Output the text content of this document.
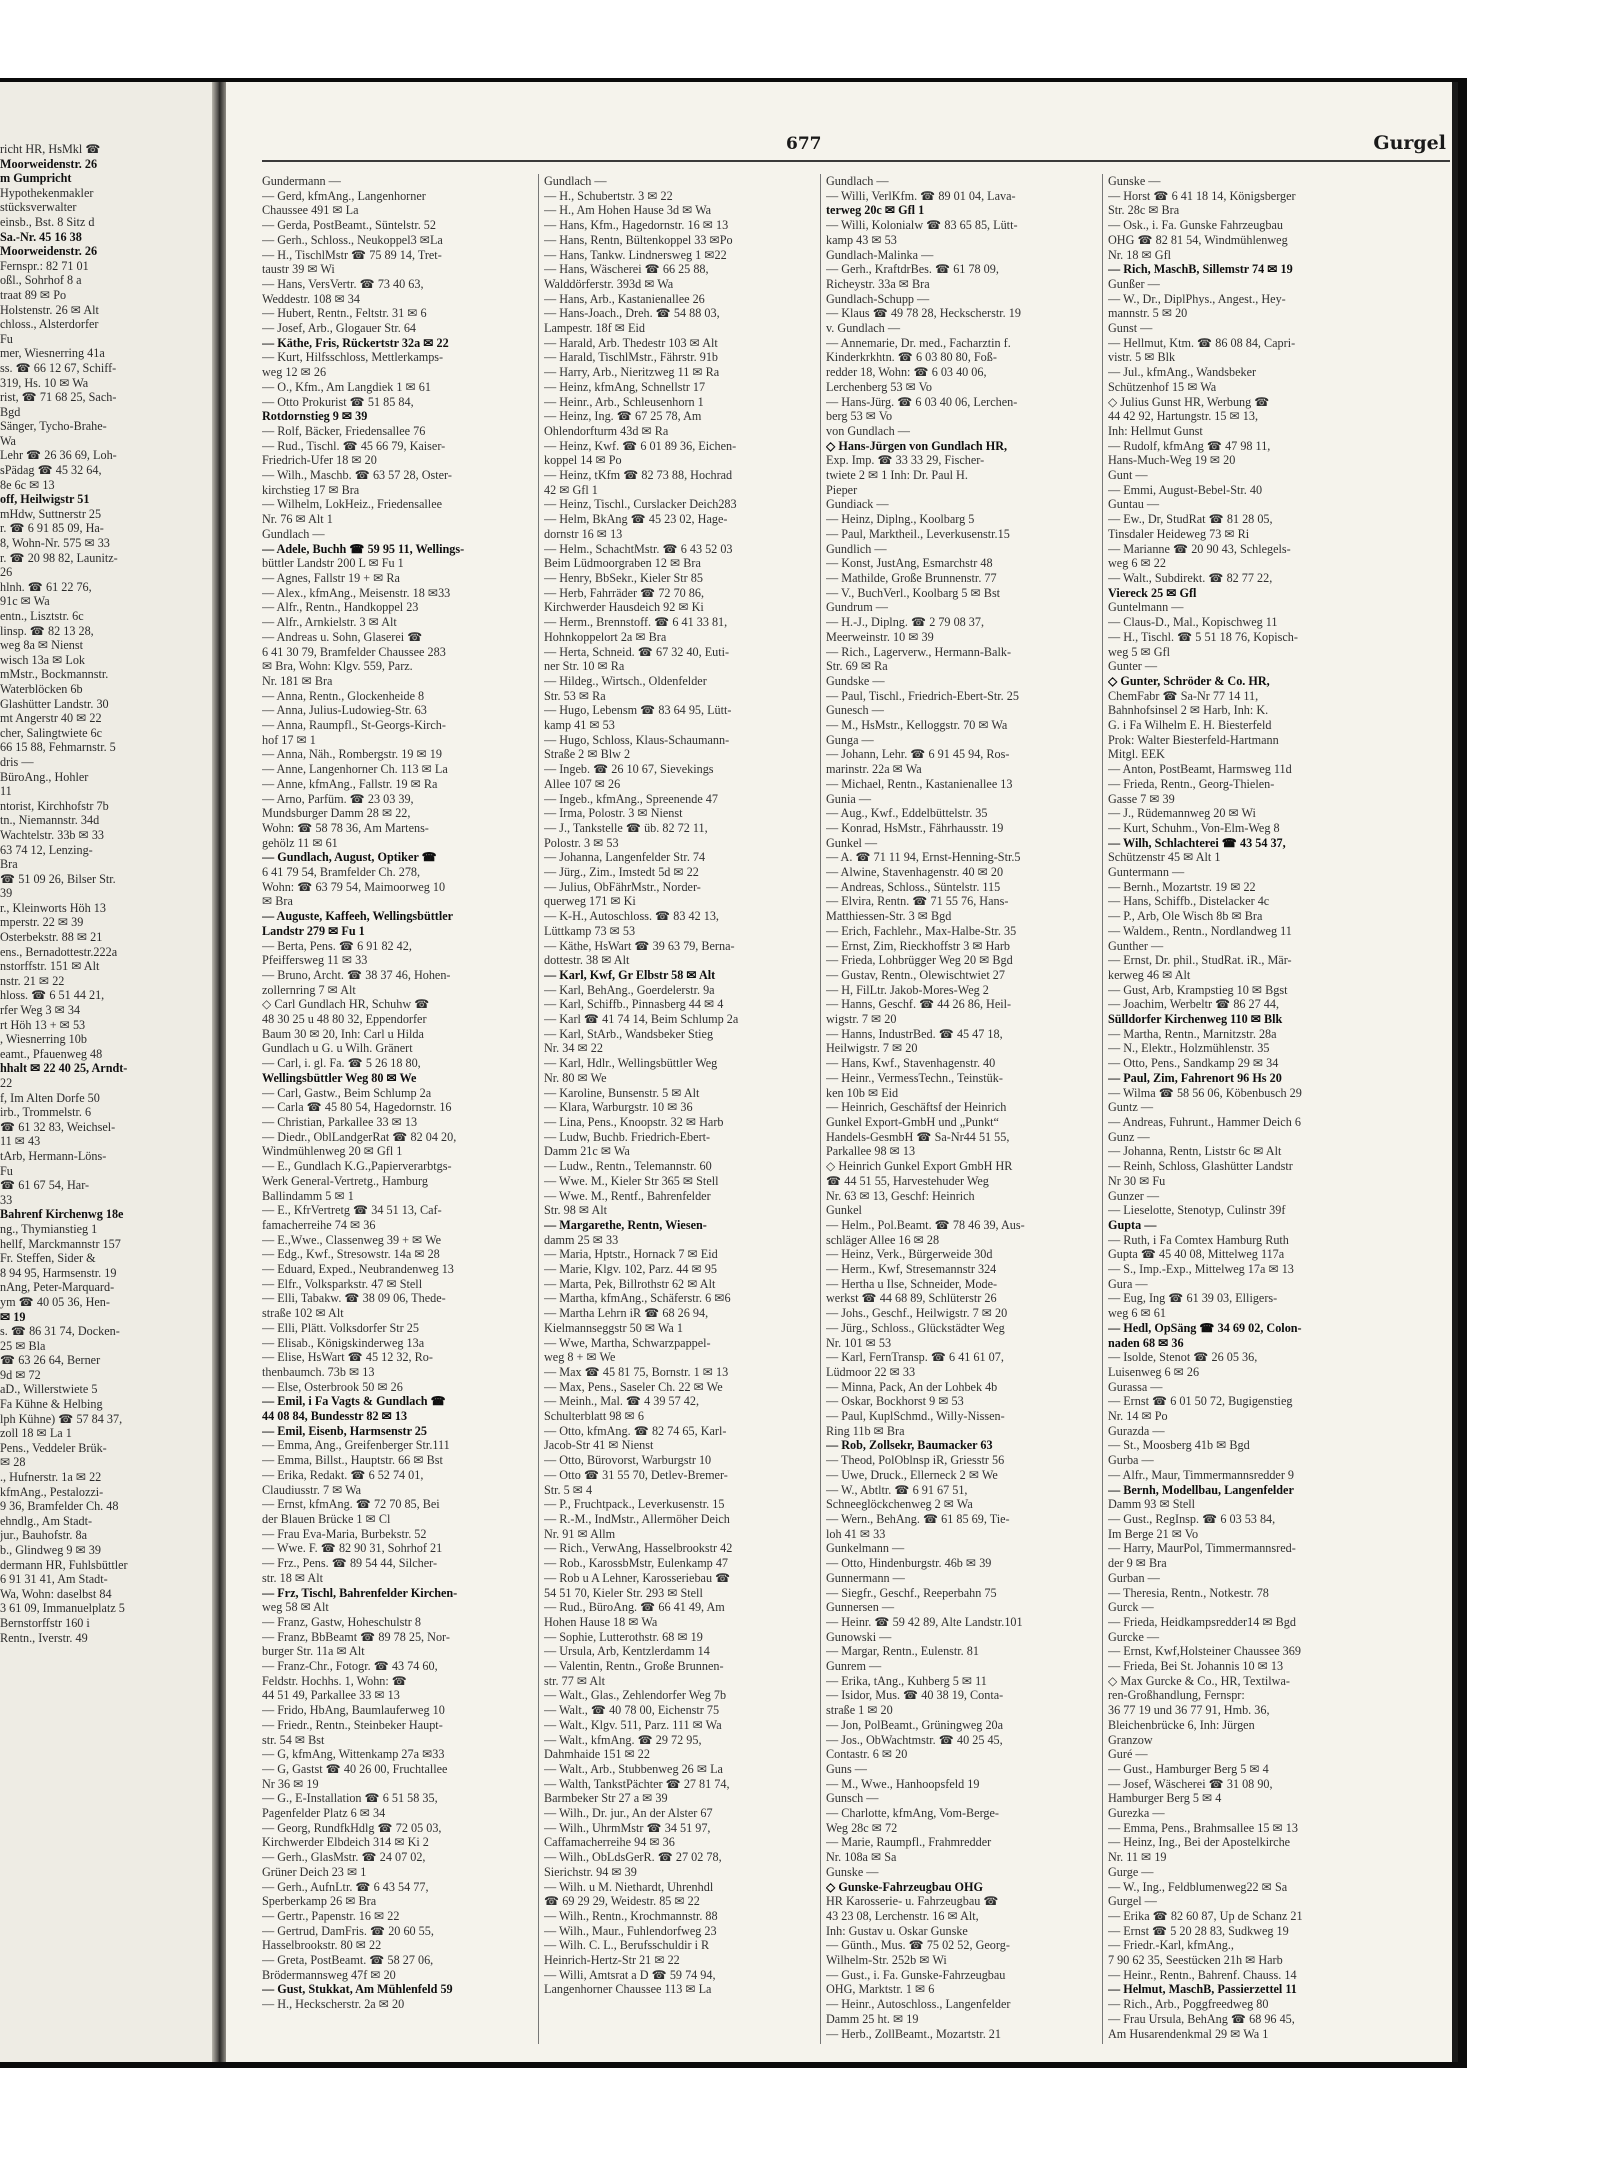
richt HR, HsMkl ☎
Moorweidenstr. 26
m Gumpricht
Hypothekenmakler
stücksverwalter
einsb., Bst. 8 Sitz d
Sa.-Nr. 45 16 38
Moorweidenstr. 26
Fernspr.: 82 71 01
oßl., Sohrhof 8 a
traat 89 ✉ Po
Holstenstr. 26 ✉ Alt
chloss., Alsterdorfer
Fu
mer, Wiesnerring 41a
ss. ☎ 66 12 67, Schiff-
319, Hs. 10 ✉ Wa
rist, ☎ 71 68 25, Sach-
Bgd
Sänger, Tycho-Brahe-
Wa
Lehr ☎ 26 36 69, Loh-
sPädag ☎ 45 32 64,
8e 6c ✉ 13
off, Heilwigstr 51
mHdw, Suttnerstr 25
r. ☎ 6 91 85 09, Ha-
8, Wohn-Nr. 575 ✉ 33
r. ☎ 20 98 82, Launitz-
26
hlnh. ☎ 61 22 76,
91c ✉ Wa
entn., Lisztstr. 6c
linsp. ☎ 82 13 28,
weg 8a ✉ Nienst
wisch 13a ✉ Lok
mMstr., Bockmannstr.
Waterblöcken 6b
Glashütter Landstr. 30
mt Angerstr 40 ✉ 22
cher, Salingtwiete 6c
66 15 88, Fehmarnstr. 5
dris —
BüroAng., Hohler
11
ntorist, Kirchhofstr 7b
tn., Niemannstr. 34d
Wachtelstr. 33b ✉ 33
63 74 12, Lenzing-
Bra
☎ 51 09 26, Bilser Str.
39
r., Kleinworts Höh 13
mperstr. 22 ✉ 39
Osterbekstr. 88 ✉ 21
ens., Bernadottestr.222a
nstorffstr. 151 ✉ Alt
nstr. 21 ✉ 22
hloss. ☎ 6 51 44 21,
rfer Weg 3 ✉ 34
rt Höh 13 + ✉ 53
, Wiesnerring 10b
eamt., Pfauenweg 48
hhalt ✉ 22 40 25, Arndt-
22
f, Im Alten Dorfe 50
irb., Trommelstr. 6
☎ 61 32 83, Weichsel-
11 ✉ 43
tArb, Hermann-Löns-
Fu
☎ 61 67 54, Har-
33
Bahrenf Kirchenwg 18e
ng., Thymianstieg 1
hellf, Marckmannstr 157
Fr. Steffen, Sider &
8 94 95, Harmsenstr. 19
nAng, Peter-Marquard-
ym ☎ 40 05 36, Hen-
✉ 19
s. ☎ 86 31 74, Docken-
25 ✉ Bla
☎ 63 26 64, Berner
9d ✉ 72
aD., Willerstwiete 5
Fa Kühne & Helbing
lph Kühne) ☎ 57 84 37,
zoll 18 ✉ La 1
Pens., Veddeler Brük-
✉ 28
., Hufnerstr. 1a ✉ 22
kfmAng., Pestalozzi-
9 36, Bramfelder Ch. 48
ehndlg., Am Stadt-
jur., Bauhofstr. 8a
b., Glindweg 9 ✉ 39
dermann HR, Fuhlsbüttler
6 91 31 41, Am Stadt-
Wa, Wohn: daselbst 84
3 61 09, Immanuelplatz 5
Bernstorffstr 160 i
Rentn., Iverstr. 49
677	Gurgel
Gundermann —
— Gerd, kfmAng., Langenhorner
Chaussee 491 ✉ La
— Gerda, PostBeamt., Süntelstr. 52
— Gerh., Schloss., Neukoppel3 ✉La
— H., TischlMstr ☎ 75 89 14, Tret-
taustr 39 ✉ Wi
— Hans, VersVertr. ☎ 73 40 63,
Weddestr. 108 ✉ 34
— Hubert, Rentn., Feltstr. 31 ✉ 6
— Josef, Arb., Glogauer Str. 64
— Käthe, Fris, Rückertstr 32a ✉ 22
— Kurt, Hilfsschloss, Mettlerkamps-
weg 12 ✉ 26
— O., Kfm., Am Langdiek 1 ✉ 61
— Otto Prokurist ☎ 51 85 84,
Rotdornstieg 9 ✉ 39
— Rolf, Bäcker, Friedensallee 76
— Rud., Tischl. ☎ 45 66 79, Kaiser-
Friedrich-Ufer 18 ✉ 20
— Wilh., Maschb. ☎ 63 57 28, Oster-
kirchstieg 17 ✉ Bra
— Wilhelm, LokHeiz., Friedensallee
Nr. 76 ✉ Alt 1
Gundlach —
— Adele, Buchh ☎ 59 95 11, Wellings-
büttler Landstr 200 L ✉ Fu 1
— Agnes, Fallstr 19 + ✉ Ra
— Alex., kfmAng., Meisenstr. 18 ✉33
— Alfr., Rentn., Handkoppel 23
— Alfr., Arnkielstr. 3 ✉ Alt
— Andreas u. Sohn, Glaserei ☎
6 41 30 79, Bramfelder Chaussee 283
✉ Bra, Wohn: Klgv. 559, Parz.
Nr. 181 ✉ Bra
— Anna, Rentn., Glockenheide 8
— Anna, Julius-Ludowieg-Str. 63
— Anna, Raumpfl., St-Georgs-Kirch-
hof 17 ✉ 1
— Anna, Näh., Rombergstr. 19 ✉ 19
— Anne, Langenhorner Ch. 113 ✉ La
— Anne, kfmAng., Fallstr. 19 ✉ Ra
— Arno, Parfüm. ☎ 23 03 39,
Mundsburger Damm 28 ✉ 22,
Wohn: ☎ 58 78 36, Am Martens-
gehölz 11 ✉ 61
— Gundlach, August, Optiker ☎
6 41 79 54, Bramfelder Ch. 278,
Wohn: ☎ 63 79 54, Maimoorweg 10
✉ Bra
— Auguste, Kaffeeh, Wellingsbüttler
Landstr 279 ✉ Fu 1
— Berta, Pens. ☎ 6 91 82 42,
Pfeiffersweg 11 ✉ 33
— Bruno, Archt. ☎ 38 37 46, Hohen-
zollernring 7 ✉ Alt
◇ Carl Gundlach HR, Schuhw ☎
48 30 25 u 48 80 32, Eppendorfer
Baum 30 ✉ 20, Inh: Carl u Hilda
Gundlach u G. u Wilh. Gränert
— Carl, i. gl. Fa. ☎ 5 26 18 80,
Wellingsbüttler Weg 80 ✉ We
— Carl, Gastw., Beim Schlump 2a
— Carla ☎ 45 80 54, Hagedornstr. 16
— Christian, Parkallee 33 ✉ 13
— Diedr., OblLandgerRat ☎ 82 04 20,
Windmühlenweg 20 ✉ Gfl 1
— E., Gundlach K.G.,Papierverarbtgs-
Werk General-Vertretg., Hamburg
Ballindamm 5 ✉ 1
— E., KfrVertretg ☎ 34 51 13, Caf-
famacherreihe 74 ✉ 36
— E.,Wwe., Classenweg 39 + ✉ We
— Edg., Kwf., Stresowstr. 14a ✉ 28
— Eduard, Exped., Neubrandenweg 13
— Elfr., Volksparkstr. 47 ✉ Stell
— Elli, Tabakw. ☎ 38 09 06, Thede-
straße 102 ✉ Alt
— Elli, Plätt. Volksdorfer Str 25
— Elisab., Königskinderweg 13a
— Elise, HsWart ☎ 45 12 32, Ro-
thenbaumch. 73b ✉ 13
— Else, Osterbrook 50 ✉ 26
— Emil, i Fa Vagts & Gundlach ☎
44 08 84, Bundesstr 82 ✉ 13
— Emil, Eisenb, Harmsenstr 25
— Emma, Ang., Greifenberger Str.111
— Emma, Billst., Hauptstr. 66 ✉ Bst
— Erika, Redakt. ☎ 6 52 74 01,
Claudiusstr. 7 ✉ Wa
— Ernst, kfmAng. ☎ 72 70 85, Bei
der Blauen Brücke 1 ✉ Cl
— Frau Eva-Maria, Burbekstr. 52
— Wwe. F. ☎ 82 90 31, Sohrhof 21
— Frz., Pens. ☎ 89 54 44, Silcher-
str. 18 ✉ Alt
— Frz, Tischl, Bahrenfelder Kirchen-
weg 58 ✉ Alt
— Franz, Gastw, Hoheschulstr 8
— Franz, BbBeamt ☎ 89 78 25, Nor-
burger Str. 11a ✉ Alt
— Franz-Chr., Fotogr. ☎ 43 74 60,
Feldstr. Hochhs. 1, Wohn: ☎
44 51 49, Parkallee 33 ✉ 13
— Frido, HbAng, Baumlauferweg 10
— Friedr., Rentn., Steinbeker Haupt-
str. 54 ✉ Bst
— G, kfmAng, Wittenkamp 27a ✉33
— G, Gastst ☎ 40 26 00, Fruchtallee
Nr 36 ✉ 19
— G., E-Installation ☎ 6 51 58 35,
Pagenfelder Platz 6 ✉ 34
— Georg, RundfkHdlg ☎ 72 05 03,
Kirchwerder Elbdeich 314 ✉ Ki 2
— Gerh., GlasMstr. ☎ 24 07 02,
Grüner Deich 23 ✉ 1
— Gerh., AufnLtr. ☎ 6 43 54 77,
Sperberkamp 26 ✉ Bra
— Gertr., Papenstr. 16 ✉ 22
— Gertrud, DamFris. ☎ 20 60 55,
Hasselbrookstr. 80 ✉ 22
— Greta, PostBeamt. ☎ 58 27 06,
Brödermannsweg 47f ✉ 20
— Gust, Stukkat, Am Mühlenfeld 59
— H., Heckscherstr. 2a ✉ 20
Gundlach —
— H., Schubertstr. 3 ✉ 22
— H., Am Hohen Hause 3d ✉ Wa
— Hans, Kfm., Hagedornstr. 16 ✉ 13
— Hans, Rentn, Bültenkoppel 33 ✉Po
— Hans, Tankw. Lindnersweg 1 ✉22
— Hans, Wäscherei ☎ 66 25 88,
Walddörferstr. 393d ✉ Wa
— Hans, Arb., Kastanienallee 26
— Hans-Joach., Dreh. ☎ 54 88 03,
Lampestr. 18f ✉ Eid
— Harald, Arb. Thedestr 103 ✉ Alt
— Harald, TischlMstr., Fährstr. 91b
— Harry, Arb., Nieritzweg 11 ✉ Ra
— Heinz, kfmAng, Schnellstr 17
— Heinr., Arb., Schleusenhorn 1
— Heinz, Ing. ☎ 67 25 78, Am
Ohlendorfturm 43d ✉ Ra
— Heinz, Kwf. ☎ 6 01 89 36, Eichen-
koppel 14 ✉ Po
— Heinz, tKfm ☎ 82 73 88, Hochrad
42 ✉ Gfl 1
— Heinz, Tischl., Curslacker Deich283
— Helm, BkAng ☎ 45 23 02, Hage-
dornstr 16 ✉ 13
— Helm., SchachtMstr. ☎ 6 43 52 03
Beim Lüdmoorgraben 12 ✉ Bra
— Henry, BbSekr., Kieler Str 85
— Herb, Fahrräder ☎ 72 70 86,
Kirchwerder Hausdeich 92 ✉ Ki
— Herm., Brennstoff. ☎ 6 41 33 81,
Hohnkoppelort 2a ✉ Bra
— Herta, Schneid. ☎ 67 32 40, Euti-
ner Str. 10 ✉ Ra
— Hildeg., Wirtsch., Oldenfelder
Str. 53 ✉ Ra
— Hugo, Lebensm ☎ 83 64 95, Lütt-
kamp 41 ✉ 53
— Hugo, Schloss, Klaus-Schaumann-
Straße 2 ✉ Blw 2
— Ingeb. ☎ 26 10 67, Sievekings
Allee 107 ✉ 26
— Ingeb., kfmAng., Spreenende 47
— Irma, Polostr. 3 ✉ Nienst
— J., Tankstelle ☎ üb. 82 72 11,
Polostr. 3 ✉ 53
— Johanna, Langenfelder Str. 74
— Jürg., Zim., Imstedt 5d ✉ 22
— Julius, ObFährMstr., Norder-
querweg 171 ✉ Ki
— K-H., Autoschloss. ☎ 83 42 13,
Lüttkamp 73 ✉ 53
— Käthe, HsWart ☎ 39 63 79, Berna-
dottestr. 38 ✉ Alt
— Karl, Kwf, Gr Elbstr 58 ✉ Alt
— Karl, BehAng., Goerdelerstr. 9a
— Karl, Schiffb., Pinnasberg 44 ✉ 4
— Karl ☎ 41 74 14, Beim Schlump 2a
— Karl, StArb., Wandsbeker Stieg
Nr. 34 ✉ 22
— Karl, Hdlr., Wellingsbüttler Weg
Nr. 80 ✉ We
— Karoline, Bunsenstr. 5 ✉ Alt
— Klara, Warburgstr. 10 ✉ 36
— Lina, Pens., Knoopstr. 32 ✉ Harb
— Ludw, Buchb. Friedrich-Ebert-
Damm 21c ✉ Wa
— Ludw., Rentn., Telemannstr. 60
— Wwe. M., Kieler Str 365 ✉ Stell
— Wwe. M., Rentf., Bahrenfelder
Str. 98 ✉ Alt
— Margarethe, Rentn, Wiesen-
damm 25 ✉ 33
— Maria, Hptstr., Hornack 7 ✉ Eid
— Marie, Klgv. 102, Parz. 44 ✉ 95
— Marta, Pek, Billrothstr 62 ✉ Alt
— Martha, kfmAng., Schäferstr. 6 ✉6
— Martha Lehrn iR ☎ 68 26 94,
Kielmannseggstr 50 ✉ Wa 1
— Wwe, Martha, Schwarzpappel-
weg 8 + ✉ We
— Max ☎ 45 81 75, Bornstr. 1 ✉ 13
— Max, Pens., Saseler Ch. 22 ✉ We
— Meinh., Mal. ☎ 4 39 57 42,
Schulterblatt 98 ✉ 6
— Otto, kfmAng. ☎ 82 74 65, Karl-
Jacob-Str 41 ✉ Nienst
— Otto, Bürovorst, Warburgstr 10
— Otto ☎ 31 55 70, Detlev-Bremer-
Str. 5 ✉ 4
— P., Fruchtpack., Leverkusenstr. 15
— R.-M., IndMstr., Allermöher Deich
Nr. 91 ✉ Allm
— Rich., VerwAng, Hasselbrookstr 42
— Rob., KarossbMstr, Eulenkamp 47
— Rob u A Lehner, Karosseriebau ☎
54 51 70, Kieler Str. 293 ✉ Stell
— Rud., BüroAng. ☎ 66 41 49, Am
Hohen Hause 18 ✉ Wa
— Sophie, Lutterothstr. 68 ✉ 19
— Ursula, Arb, Kentzlerdamm 14
— Valentin, Rentn., Große Brunnen-
str. 77 ✉ Alt
— Walt., Glas., Zehlendorfer Weg 7b
— Walt., ☎ 40 78 00, Eichenstr 75
— Walt., Klgv. 511, Parz. 111 ✉ Wa
— Walt., kfmAng. ☎ 29 72 95,
Dahmhaide 151 ✉ 22
— Walt., Arb., Stubbenweg 26 ✉ La
— Walth, TankstPächter ☎ 27 81 74,
Barmbeker Str 27 a ✉ 39
— Wilh., Dr. jur., An der Alster 67
— Wilh., UhrmMstr ☎ 34 51 97,
Caffamacherreihe 94 ✉ 36
— Wilh., ObLdsGerR. ☎ 27 02 78,
Sierichstr. 94 ✉ 39
— Wilh. u M. Niethardt, Uhrenhdl
☎ 69 29 29, Weidestr. 85 ✉ 22
— Wilh., Rentn., Krochmannstr. 88
— Wilh., Maur., Fuhlendorfweg 23
— Wilh. C. L., Berufsschuldir i R
Heinrich-Hertz-Str 21 ✉ 22
— Willi, Amtsrat a D ☎ 59 74 94,
Langenhorner Chaussee 113 ✉ La
Gundlach —
— Willi, VerlKfm. ☎ 89 01 04, Lava-
terweg 20c ✉ Gfl 1
— Willi, Kolonialw ☎ 83 65 85, Lütt-
kamp 43 ✉ 53
Gundlach-Malinka —
— Gerh., KraftdrBes. ☎ 61 78 09,
Richeystr. 33a ✉ Bra
Gundlach-Schupp —
— Klaus ☎ 49 78 28, Heckscherstr. 19
v. Gundlach —
— Annemarie, Dr. med., Facharztin f.
Kinderkrkhtn. ☎ 6 03 80 80, Foß-
redder 18, Wohn: ☎ 6 03 40 06,
Lerchenberg 53 ✉ Vo
— Hans-Jürg. ☎ 6 03 40 06, Lerchen-
berg 53 ✉ Vo
von Gundlach —
◇ Hans-Jürgen von Gundlach HR,
Exp. Imp. ☎ 33 33 29, Fischer-
twiete 2 ✉ 1 Inh: Dr. Paul H.
Pieper
Gundiack —
— Heinz, Diplng., Koolbarg 5
— Paul, Marktheil., Leverkusenstr.15
Gundlich —
— Konst, JustAng, Esmarchstr 48
— Mathilde, Große Brunnenstr. 77
— V., BuchVerl., Koolbarg 5 ✉ Bst
Gundrum —
— H.-J., Diplng. ☎ 2 79 08 37,
Meerweinstr. 10 ✉ 39
— Rich., Lagerverw., Hermann-Balk-
Str. 69 ✉ Ra
Gundske —
— Paul, Tischl., Friedrich-Ebert-Str. 25
Gunesch —
— M., HsMstr., Kelloggstr. 70 ✉ Wa
Gunga —
— Johann, Lehr. ☎ 6 91 45 94, Ros-
marinstr. 22a ✉ Wa
— Michael, Rentn., Kastanienallee 13
Gunia —
— Aug., Kwf., Eddelbüttelstr. 35
— Konrad, HsMstr., Fährhausstr. 19
Gunkel —
— A. ☎ 71 11 94, Ernst-Henning-Str.5
— Alwine, Stavenhagenstr. 40 ✉ 20
— Andreas, Schloss., Süntelstr. 115
— Elvira, Rentn. ☎ 71 55 76, Hans-
Matthiessen-Str. 3 ✉ Bgd
— Erich, Fachlehr., Max-Halbe-Str. 35
— Ernst, Zim, Rieckhoffstr 3 ✉ Harb
— Frieda, Lohbrügger Weg 20 ✉ Bgd
— Gustav, Rentn., Olewischtwiet 27
— H, FilLtr. Jakob-Mores-Weg 2
— Hanns, Geschf. ☎ 44 26 86, Heil-
wigstr. 7 ✉ 20
— Hanns, IndustrBed. ☎ 45 47 18,
Heilwigstr. 7 ✉ 20
— Hans, Kwf., Stavenhagenstr. 40
— Heinr., VermessTechn., Teinstük-
ken 10b ✉ Eid
— Heinrich, Geschäftsf der Heinrich
Gunkel Export-GmbH und „Punkt“
Handels-GesmbH ☎ Sa-Nr44 51 55,
Parkallee 98 ✉ 13
◇ Heinrich Gunkel Export GmbH HR
☎ 44 51 55, Harvestehuder Weg
Nr. 63 ✉ 13, Geschf: Heinrich
Gunkel
— Helm., Pol.Beamt. ☎ 78 46 39, Aus-
schläger Allee 16 ✉ 28
— Heinz, Verk., Bürgerweide 30d
— Herm., Kwf, Stresemannstr 324
— Hertha u Ilse, Schneider, Mode-
werkst ☎ 44 68 89, Schlüterstr 26
— Johs., Geschf., Heilwigstr. 7 ✉ 20
— Jürg., Schloss., Glückstädter Weg
Nr. 101 ✉ 53
— Karl, FernTransp. ☎ 6 41 61 07,
Lüdmoor 22 ✉ 33
— Minna, Pack, An der Lohbek 4b
— Oskar, Bockhorst 9 ✉ 53
— Paul, KuplSchmd., Willy-Nissen-
Ring 11b ✉ Bra
— Rob, Zollsekr, Baumacker 63
— Theod, PolOblnsp iR, Griesstr 56
— Uwe, Druck., Ellerneck 2 ✉ We
— W., Abtltr. ☎ 6 91 67 51,
Schneeglöckchenweg 2 ✉ Wa
— Wern., BehAng. ☎ 61 85 69, Tie-
loh 41 ✉ 33
Gunkelmann —
— Otto, Hindenburgstr. 46b ✉ 39
Gunnermann —
— Siegfr., Geschf., Reeperbahn 75
Gunnersen —
— Heinr. ☎ 59 42 89, Alte Landstr.101
Gunowski —
— Margar, Rentn., Eulenstr. 81
Gunrem —
— Erika, tAng., Kuhberg 5 ✉ 11
— Isidor, Mus. ☎ 40 38 19, Conta-
straße 1 ✉ 20
— Jon, PolBeamt., Grüningweg 20a
— Jos., ObWachtmstr. ☎ 40 25 45,
Contastr. 6 ✉ 20
Guns —
— M., Wwe., Hanhoopsfeld 19
Gunsch —
— Charlotte, kfmAng, Vom-Berge-
Weg 28c ✉ 72
— Marie, Raumpfl., Frahmredder
Nr. 108a ✉ Sa
Gunske —
◇ Gunske-Fahrzeugbau OHG
HR Karosserie- u. Fahrzeugbau ☎
43 23 08, Lerchenstr. 16 ✉ Alt,
Inh: Gustav u. Oskar Gunske
— Günth., Mus. ☎ 75 02 52, Georg-
Wilhelm-Str. 252b ✉ Wi
— Gust., i. Fa. Gunske-Fahrzeugbau
OHG, Marktstr. 1 ✉ 6
— Heinr., Autoschloss., Langenfelder
Damm 25 ht. ✉ 19
— Herb., ZollBeamt., Mozartstr. 21
Gunske —
— Horst ☎ 6 41 18 14, Königsberger
Str. 28c ✉ Bra
— Osk., i. Fa. Gunske Fahrzeugbau
OHG ☎ 82 81 54, Windmühlenweg
Nr. 18 ✉ Gfl
— Rich, MaschB, Sillemstr 74 ✉ 19
Gunßer —
— W., Dr., DiplPhys., Angest., Hey-
mannstr. 5 ✉ 20
Gunst —
— Hellmut, Ktm. ☎ 86 08 84, Capri-
vistr. 5 ✉ Blk
— Jul., kfmAng., Wandsbeker
Schützenhof 15 ✉ Wa
◇ Julius Gunst HR, Werbung ☎
44 42 92, Hartungstr. 15 ✉ 13,
Inh: Hellmut Gunst
— Rudolf, kfmAng ☎ 47 98 11,
Hans-Much-Weg 19 ✉ 20
Gunt —
— Emmi, August-Bebel-Str. 40
Guntau —
— Ew., Dr, StudRat ☎ 81 28 05,
Tinsdaler Heideweg 73 ✉ Ri
— Marianne ☎ 20 90 43, Schlegels-
weg 6 ✉ 22
— Walt., Subdirekt. ☎ 82 77 22,
Viereck 25 ✉ Gfl
Guntelmann —
— Claus-D., Mal., Kopischweg 11
— H., Tischl. ☎ 5 51 18 76, Kopisch-
weg 5 ✉ Gfl
Gunter —
◇ Gunter, Schröder & Co. HR,
ChemFabr ☎ Sa-Nr 77 14 11,
Bahnhofsinsel 2 ✉ Harb, Inh: K.
G. i Fa Wilhelm E. H. Biesterfeld
Prok: Walter Biesterfeld-Hartmann
Mitgl. EEK
— Anton, PostBeamt, Harmsweg 11d
— Frieda, Rentn., Georg-Thielen-
Gasse 7 ✉ 39
— J., Rüdemannweg 20 ✉ Wi
— Kurt, Schuhm., Von-Elm-Weg 8
— Wilh, Schlachterei ☎ 43 54 37,
Schützenstr 45 ✉ Alt 1
Guntermann —
— Bernh., Mozartstr. 19 ✉ 22
— Hans, Schiffb., Distelacker 4c
— P., Arb, Ole Wisch 8b ✉ Bra
— Waldem., Rentn., Nordlandweg 11
Gunther —
— Ernst, Dr. phil., StudRat. iR., Mär-
kerweg 46 ✉ Alt
— Gust, Arb, Krampstieg 10 ✉ Bgst
— Joachim, Werbeltr ☎ 86 27 44,
Sülldorfer Kirchenweg 110 ✉ Blk
— Martha, Rentn., Marnitzstr. 28a
— N., Elektr., Holzmühlenstr. 35
— Otto, Pens., Sandkamp 29 ✉ 34
— Paul, Zim, Fahrenort 96 Hs 20
— Wilma ☎ 58 56 06, Köbenbusch 29
Guntz —
— Andreas, Fuhrunt., Hammer Deich 6
Gunz —
— Johanna, Rentn, Liststr 6c ✉ Alt
— Reinh, Schloss, Glashütter Landstr
Nr 30 ✉ Fu
Gunzer —
— Lieselotte, Stenotyp, Culinstr 39f
Gupta —
— Ruth, i Fa Comtex Hamburg Ruth
Gupta ☎ 45 40 08, Mittelweg 117a
— S., Imp.-Exp., Mittelweg 17a ✉ 13
Gura —
— Eug, Ing ☎ 61 39 03, Elligers-
weg 6 ✉ 61
— Hedl, OpSäng ☎ 34 69 02, Colon-
naden 68 ✉ 36
— Isolde, Stenot ☎ 26 05 36,
Luisenweg 6 ✉ 26
Gurassa —
— Ernst ☎ 6 01 50 72, Bugigenstieg
Nr. 14 ✉ Po
Gurazda —
— St., Moosberg 41b ✉ Bgd
Gurba —
— Alfr., Maur, Timmermannsredder 9
— Bernh, Modellbau, Langenfelder
Damm 93 ✉ Stell
— Gust., RegInsp. ☎ 6 03 53 84,
Im Berge 21 ✉ Vo
— Harry, MaurPol, Timmermannsred-
der 9 ✉ Bra
Gurban —
— Theresia, Rentn., Notkestr. 78
Gurck —
— Frieda, Heidkampsredder14 ✉ Bgd
Gurcke —
— Ernst, Kwf,Holsteiner Chaussee 369
— Frieda, Bei St. Johannis 10 ✉ 13
◇ Max Gurcke & Co., HR, Textilwa-
ren-Großhandlung, Fernspr:
36 77 19 und 36 77 91, Hmb. 36,
Bleichenbrücke 6, Inh: Jürgen
Granzow
Guré —
— Gust., Hamburger Berg 5 ✉ 4
— Josef, Wäscherei ☎ 31 08 90,
Hamburger Berg 5 ✉ 4
Gurezka —
— Emma, Pens., Brahmsallee 15 ✉ 13
— Heinz, Ing., Bei der Apostelkirche
Nr. 11 ✉ 19
Gurge —
— W., Ing., Feldblumenweg22 ✉ Sa
Gurgel —
— Erika ☎ 82 60 87, Up de Schanz 21
— Ernst ☎ 5 20 28 83, Sudkweg 19
— Friedr.-Karl, kfmAng.,
7 90 62 35, Seestücken 21h ✉ Harb
— Heinr., Rentn., Bahrenf. Chauss. 14
— Helmut, MaschB, Passierzettel 11
— Rich., Arb., Poggfreedweg 80
— Frau Ursula, BehAng ☎ 68 96 45,
Am Husarendenkmal 29 ✉ Wa 1
